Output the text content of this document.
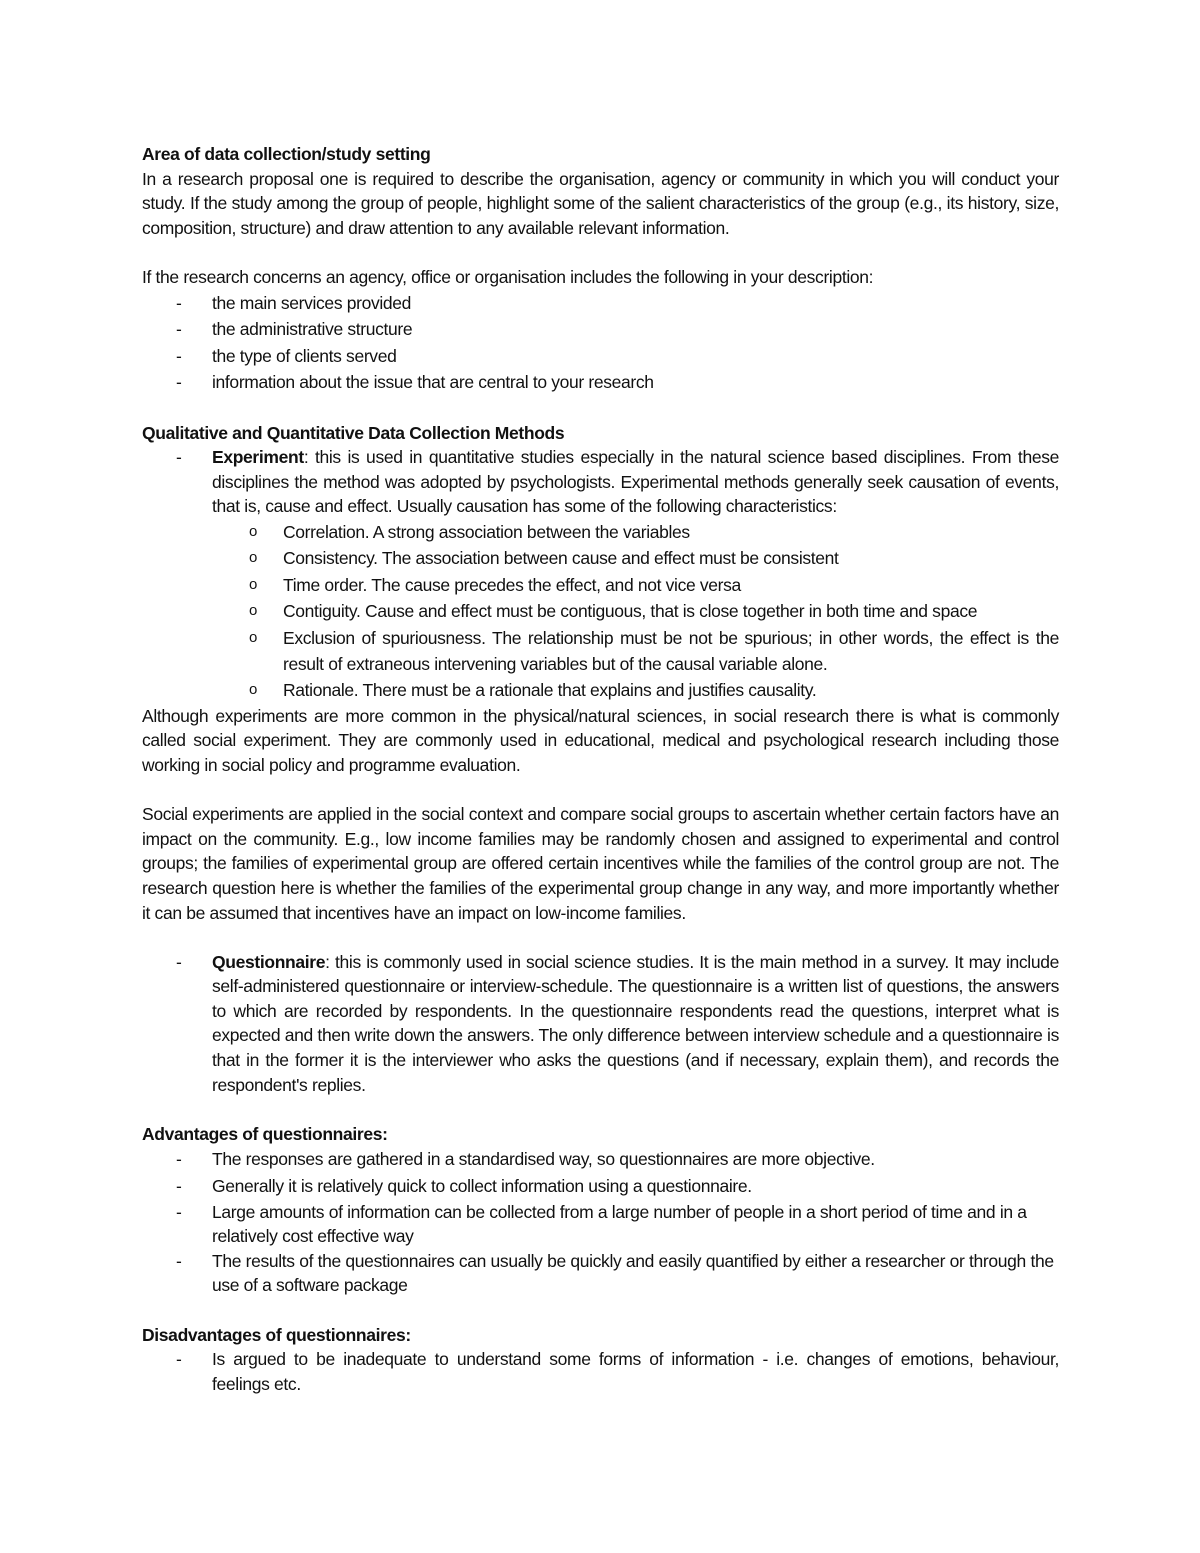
Area of data collection/study setting

In a research proposal one is required to describe the organisation, agency or community in which you will conduct your study. If the study among the group of people, highlight some of the salient characteristics of the group (e.g., its history, size, composition, structure) and draw attention to any available relevant information.

If the research concerns an agency, office or organisation includes the following in your description:

- the main services provided
- the administrative structure
- the type of clients served
- information about the issue that are central to your research

Qualitative and Quantitative Data Collection Methods

- Experiment: this is used in quantitative studies especially in the natural science based disciplines. From these disciplines the method was adopted by psychologists. Experimental methods generally seek causation of events, that is, cause and effect. Usually causation has some of the following characteristics:
o Correlation. A strong association between the variables
o Consistency. The association between cause and effect must be consistent
o Time order. The cause precedes the effect, and not vice versa
o Contiguity. Cause and effect must be contiguous, that is close together in both time and space
o Exclusion of spuriousness. The relationship must be not be spurious; in other words, the effect is the result of extraneous intervening variables but of the causal variable alone.
o Rationale. There must be a rationale that explains and justifies causality.

Although experiments are more common in the physical/natural sciences, in social research there is what is commonly called social experiment. They are commonly used in educational, medical and psychological research including those working in social policy and programme evaluation.

Social experiments are applied in the social context and compare social groups to ascertain whether certain factors have an impact on the community. E.g., low income families may be randomly chosen and assigned to experimental and control groups; the families of experimental group are offered certain incentives while the families of the control group are not. The research question here is whether the families of the experimental group change in any way, and more importantly whether it can be assumed that incentives have an impact on low-income families.

- Questionnaire: this is commonly used in social science studies. It is the main method in a survey. It may include self-administered questionnaire or interview-schedule. The questionnaire is a written list of questions, the answers to which are recorded by respondents. In the questionnaire respondents read the questions, interpret what is expected and then write down the answers. The only difference between interview schedule and a questionnaire is that in the former it is the interviewer who asks the questions (and if necessary, explain them), and records the respondent's replies.

Advantages of questionnaires:

- The responses are gathered in a standardised way, so questionnaires are more objective.
- Generally it is relatively quick to collect information using a questionnaire.
- Large amounts of information can be collected from a large number of people in a short period of time and in a relatively cost effective way
- The results of the questionnaires can usually be quickly and easily quantified by either a researcher or through the use of a software package

Disadvantages of questionnaires:

- Is argued to be inadequate to understand some forms of information - i.e. changes of emotions, behaviour, feelings etc.
